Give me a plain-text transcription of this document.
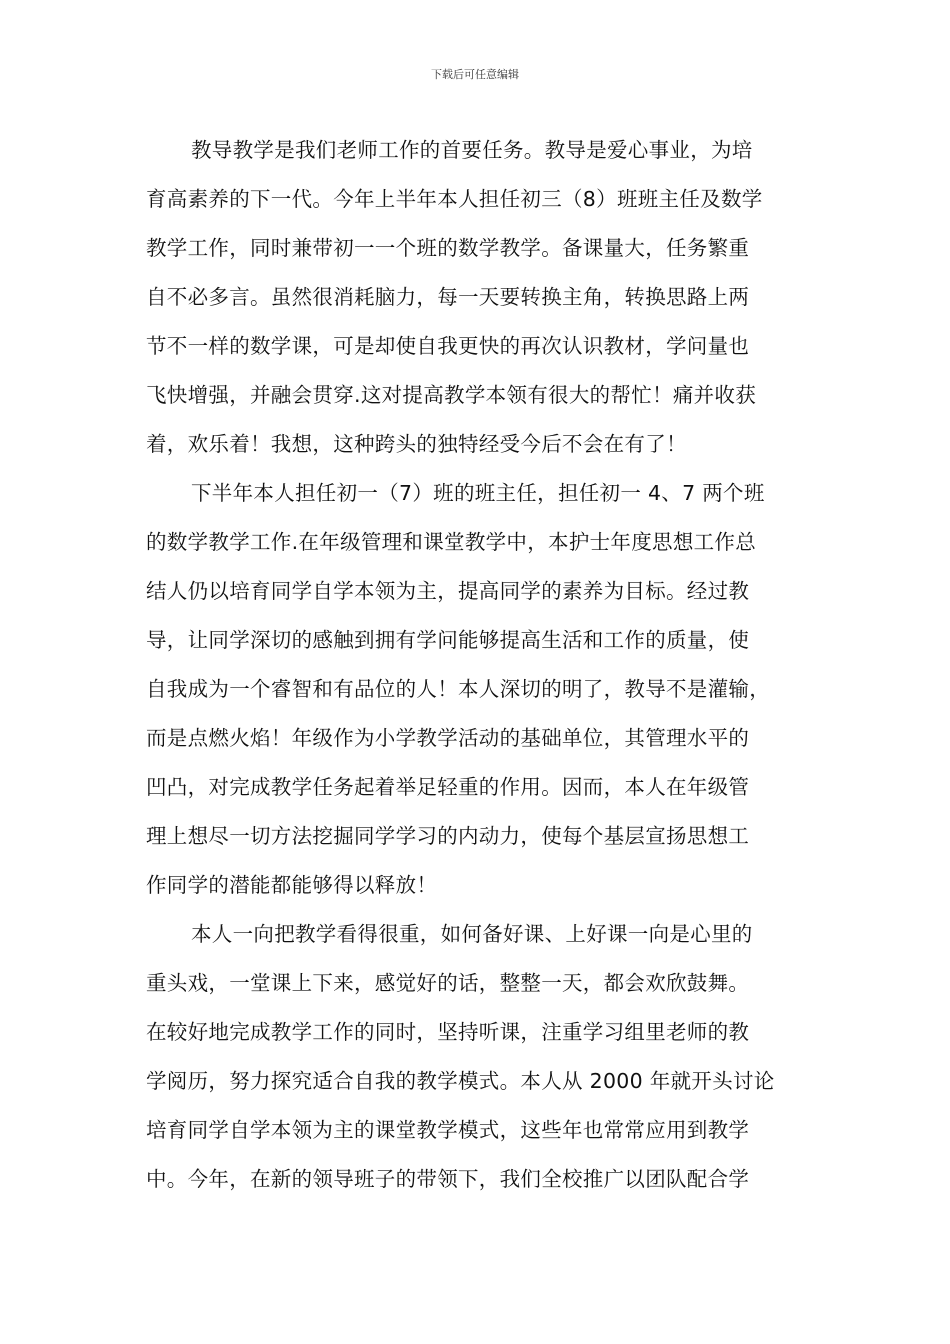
下载后可任意编辑
教导教学是我们老师工作的首要任务。教导是爱心事业，为培
育高素养的下一代。今年上半年本人担任初三（8）班班主任及数学
教学工作，同时兼带初一一个班的数学教学。备课量大，任务繁重
自不必多言。虽然很消耗脑力，每一天要转换主角，转换思路上两
节不一样的数学课，可是却使自我更快的再次认识教材，学问量也
飞快增强，并融会贯穿.这对提高教学本领有很大的帮忙！痛并收获
着，欢乐着！我想，这种跨头的独特经受今后不会在有了！
下半年本人担任初一（7）班的班主任，担任初一 4、7 两个班
的数学教学工作.在年级管理和课堂教学中，本护士年度思想工作总
结人仍以培育同学自学本领为主，提高同学的素养为目标。经过教
导，让同学深切的感触到拥有学问能够提高生活和工作的质量，使
自我成为一个睿智和有品位的人！本人深切的明了，教导不是灌输，
而是点燃火焰！年级作为小学教学活动的基础单位，其管理水平的
凹凸，对完成教学任务起着举足轻重的作用。因而，本人在年级管
理上想尽一切方法挖掘同学学习的内动力，使每个基层宣扬思想工
作同学的潜能都能够得以释放！
本人一向把教学看得很重，如何备好课、上好课一向是心里的
重头戏，一堂课上下来，感觉好的话，整整一天，都会欢欣鼓舞。
在较好地完成教学工作的同时，坚持听课，注重学习组里老师的教
学阅历，努力探究适合自我的教学模式。本人从 2000 年就开头讨论
培育同学自学本领为主的课堂教学模式，这些年也常常应用到教学
中。今年，在新的领导班子的带领下，我们全校推广以团队配合学
